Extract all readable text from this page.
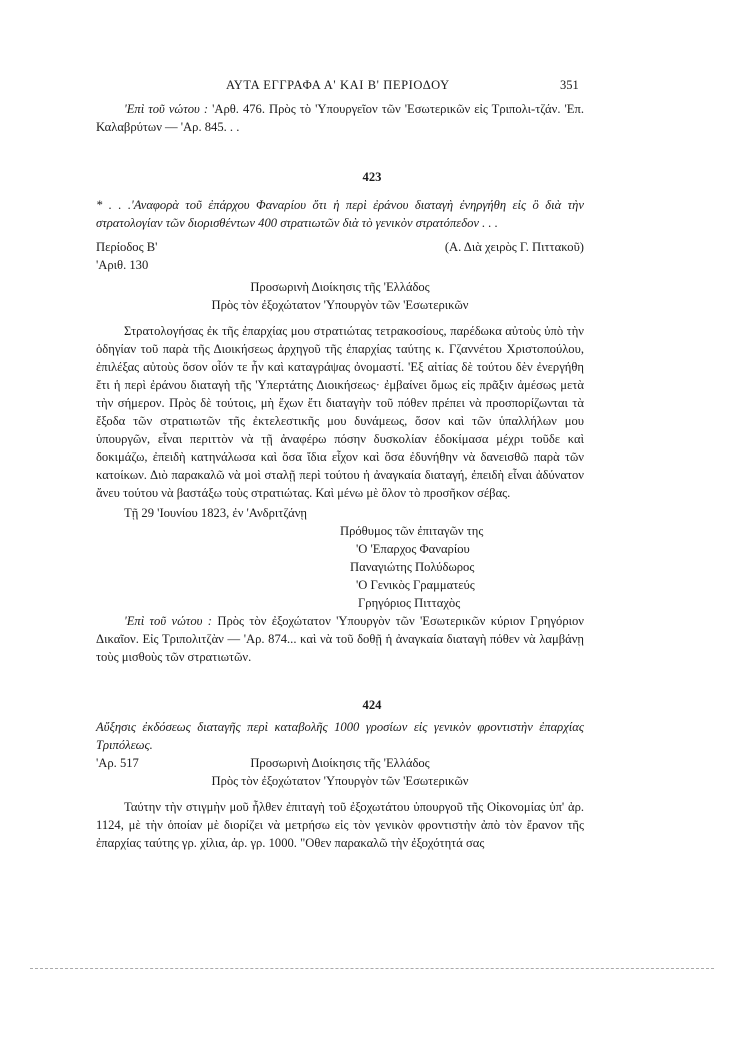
ΑΥΤΑ ΕΓΓΡΑΦΑ Α' ΚΑΙ Β' ΠΕΡΙΟΔΟΥ	351
'Επὶ τοῦ νώτου : 'Αρθ. 476. Πρὸς τὸ 'Υπουργεῖον τῶν 'Εσωτερικῶν εἰς Τριπολι-τζάν. 'Επ. Καλαβρύτων — 'Αρ. 845. . .
423
* . . .'Αναφορὰ τοῦ ἐπάρχου Φαναρίου ὅτι ἡ περὶ ἐράνου διαταγὴ ἐνηργήθη εἰς ὃ διὰ τὴν στρατολογίαν τῶν διορισθέντων 400 στρατιωτῶν διὰ τὸ γενικὸν στρατόπεδον . . .
Περίοδος Β'	(Α. Διὰ χειρὸς Γ. Πιττακοῦ)
'Αριθ. 130
Προσωρινὴ Διοίκησις τῆς 'Ελλάδος
Πρὸς τὸν ἐξοχώτατον 'Υπουργὸν τῶν 'Εσωτερικῶν
Στρατολογήσας ἐκ τῆς ἐπαρχίας μου στρατιώτας τετρακοσίους, παρέδωκα αὐτοὺς ὑπὸ τὴν ὁδηγίαν τοῦ παρὰ τῆς Διοικήσεως ἀρχηγοῦ τῆς ἐπαρχίας ταύτης κ. Γζαννέτου Χριστοπούλου, ἐπιλέξας αὐτοὺς ὅσον οἷόν τε ἦν καὶ καταγράψας ὀνομαστί. 'Εξ αἰτίας δὲ τούτου δὲν ἐνεργήθη ἔτι ἡ περὶ ἐράνου διαταγὴ τῆς 'Υπερτάτης Διοικήσεως· ἐμβαίνει ὅμως εἰς πρᾶξιν ἀμέσως μετὰ τὴν σήμερον. Πρὸς δὲ τούτοις, μὴ ἔχων ἔτι διαταγὴν τοῦ πόθεν πρέπει νὰ προσπορίζωνται τὰ ἔξοδα τῶν στρατιωτῶν τῆς ἐκτελεστικῆς μου δυνάμεως, ὅσον καὶ τῶν ὑπαλλήλων μου ὑπουργῶν, εἶναι περιττὸν νὰ τῇ ἀναφέρω πόσην δυσκολίαν ἐδοκίμασα μέχρι τοῦδε καὶ δοκιμάζω, ἐπειδὴ κατηνάλωσα καὶ ὅσα ἴδια εἶχον καὶ ὅσα ἐδυνήθην νὰ δανεισθῶ παρὰ τῶν κατοίκων. Διὸ παρακαλῶ νὰ μοὶ σταλῇ περὶ τούτου ἡ ἀναγκαία διαταγή, ἐπειδὴ εἶναι ἀδύνατον ἄνευ τούτου νὰ βαστάξω τοὺς στρατιώτας. Καὶ μένω μὲ ὅλον τὸ προσῆκον σέβας.
Τῇ 29 'Ιουνίου 1823, ἐν 'Ανδριτζάνῃ
Πρόθυμος τῶν ἐπιταγῶν της
'Ο 'Επαρχος Φαναρίου
Παναγιώτης Πολύδωρος
'Ο Γενικὸς Γραμματεύς
Γρηγόριος Πιτταχὸς
'Επὶ τοῦ νώτου : Πρὸς τὸν ἐξοχώτατον 'Υπουργὸν τῶν 'Εσωτερικῶν κύριον Γρηγόριον Δικαῖον. Εἰς Τριπολιτζὰν — 'Αρ. 874... καὶ νὰ τοῦ δοθῇ ἡ ἀναγκαία διαταγὴ πόθεν νὰ λαμβάνῃ τοὺς μισθοὺς τῶν στρατιωτῶν.
424
Αὔξησις ἐκδόσεως διαταγῆς περὶ καταβολῆς 1000 γροσίων εἰς γενικὸν φροντιστὴν ἐπαρχίας Τριπόλεως.
'Αρ. 517	Προσωρινὴ Διοίκησις τῆς 'Ελλάδος
Πρὸς τὸν ἐξοχώτατον 'Υπουργὸν τῶν 'Εσωτερικῶν
Ταύτην τὴν στιγμὴν μοῦ ἦλθεν ἐπιταγὴ τοῦ ἐξοχωτάτου ὑπουργοῦ τῆς Οἰκονομίας ὑπ' ἀρ. 1124, μὲ τὴν ὁποίαν μὲ διορίζει νὰ μετρήσω εἰς τὸν γενικὸν φροντιστὴν ἀπὸ τὸν ἔρανον τῆς ἐπαρχίας ταύτης γρ. χίλια, ἀρ. γρ. 1000. "Οθεν παρακαλῶ τὴν ἐξοχότητά σας
